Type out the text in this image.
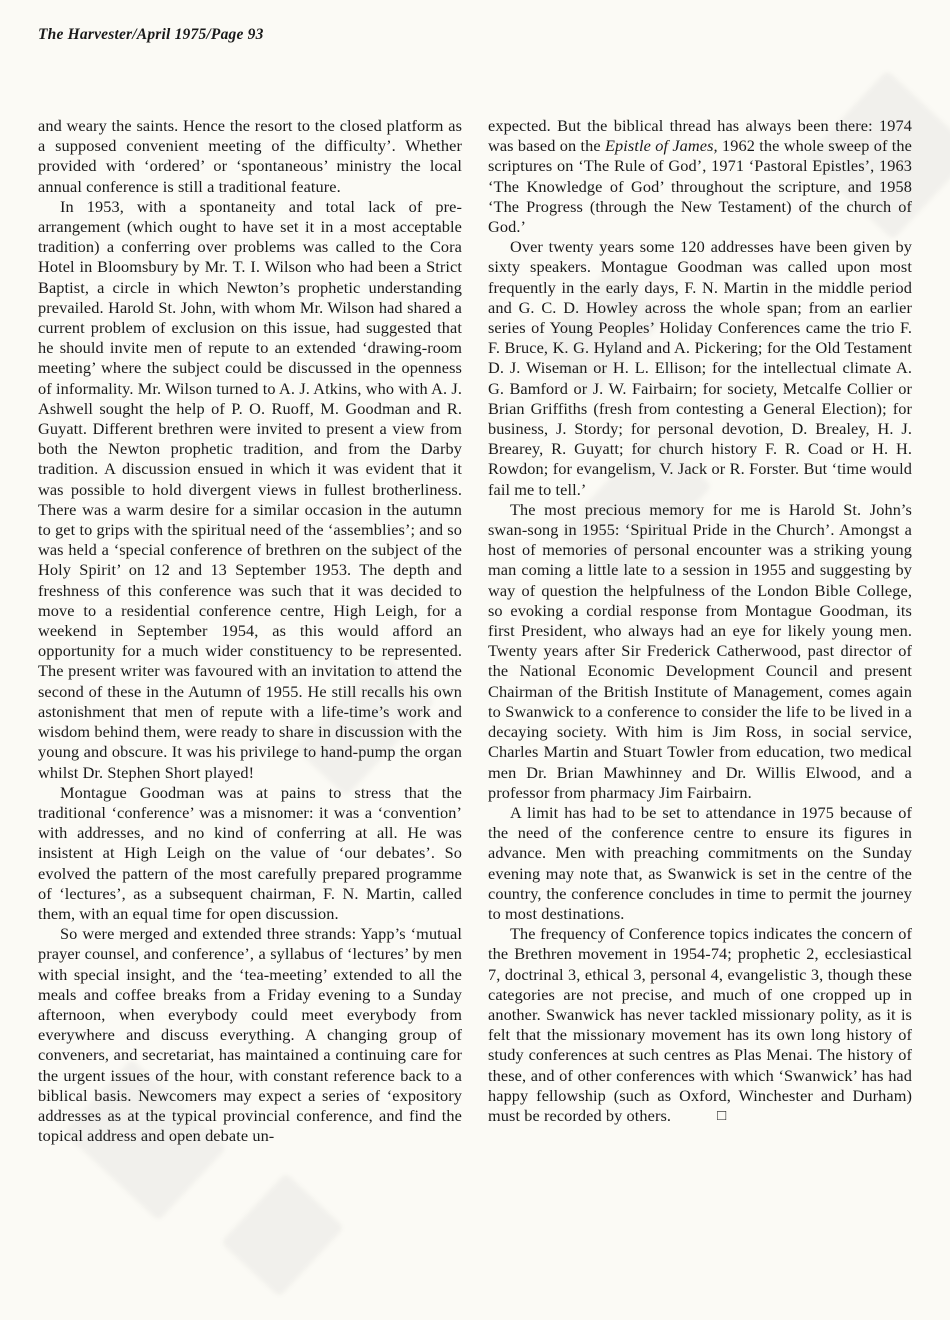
The Harvester/April 1975/Page 93

and weary the saints. Hence the resort to the closed platform as a supposed convenient meeting of the difficulty’. Whether provided with ‘ordered’ or ‘spontaneous’ ministry the local annual conference is still a traditional feature.

In 1953, with a spontaneity and total lack of pre-arrangement (which ought to have set it in a most acceptable tradition) a conferring over problems was called to the Cora Hotel in Bloomsbury by Mr. T. I. Wilson who had been a Strict Baptist, a circle in which Newton’s prophetic understanding prevailed. Harold St. John, with whom Mr. Wilson had shared a current problem of exclusion on this issue, had suggested that he should invite men of repute to an extended ‘drawing-room meeting’ where the subject could be discussed in the openness of informality. Mr. Wilson turned to A. J. Atkins, who with A. J. Ashwell sought the help of P. O. Ruoff, M. Goodman and R. Guyatt. Different brethren were invited to present a view from both the Newton prophetic tradition, and from the Darby tradition. A discussion ensued in which it was evident that it was possible to hold divergent views in fullest brotherliness. There was a warm desire for a similar occasion in the autumn to get to grips with the spiritual need of the ‘assemblies’; and so was held a ‘special conference of brethren on the subject of the Holy Spirit’ on 12 and 13 September 1953. The depth and freshness of this conference was such that it was decided to move to a residential conference centre, High Leigh, for a weekend in September 1954, as this would afford an opportunity for a much wider constituency to be represented. The present writer was favoured with an invitation to attend the second of these in the Autumn of 1955. He still recalls his own astonishment that men of repute with a life-time’s work and wisdom behind them, were ready to share in discussion with the young and obscure. It was his privilege to hand-pump the organ whilst Dr. Stephen Short played!

Montague Goodman was at pains to stress that the traditional ‘conference’ was a misnomer: it was a ‘convention’ with addresses, and no kind of conferring at all. He was insistent at High Leigh on the value of ‘our debates’. So evolved the pattern of the most carefully prepared programme of ‘lectures’, as a subsequent chairman, F. N. Martin, called them, with an equal time for open discussion.

So were merged and extended three strands: Yapp’s ‘mutual prayer counsel, and conference’, a syllabus of ‘lectures’ by men with special insight, and the ‘tea-meeting’ extended to all the meals and coffee breaks from a Friday evening to a Sunday afternoon, when everybody could meet everybody from everywhere and discuss everything. A changing group of conveners, and secretariat, has maintained a continuing care for the urgent issues of the hour, with constant reference back to a biblical basis. Newcomers may expect a series of ‘expository addresses as at the typical provincial conference, and find the topical address and open debate un-

expected. But the biblical thread has always been there: 1974 was based on the Epistle of James, 1962 the whole sweep of the scriptures on ‘The Rule of God’, 1971 ‘Pastoral Epistles’, 1963 ‘The Knowledge of God’ throughout the scripture, and 1958 ‘The Progress (through the New Testament) of the church of God.’

Over twenty years some 120 addresses have been given by sixty speakers. Montague Goodman was called upon most frequently in the early days, F. N. Martin in the middle period and G. C. D. Howley across the whole span; from an earlier series of Young Peoples’ Holiday Conferences came the trio F. F. Bruce, K. G. Hyland and A. Pickering; for the Old Testament D. J. Wiseman or H. L. Ellison; for the intellectual climate A. G. Bamford or J. W. Fairbairn; for society, Metcalfe Collier or Brian Griffiths (fresh from contesting a General Election); for business, J. Stordy; for personal devotion, D. Brealey, H. J. Brearey, R. Guyatt; for church history F. R. Coad or H. H. Rowdon; for evangelism, V. Jack or R. Forster. But ‘time would fail me to tell.’

The most precious memory for me is Harold St. John’s swan-song in 1955: ‘Spiritual Pride in the Church’. Amongst a host of memories of personal encounter was a striking young man coming a little late to a session in 1955 and suggesting by way of question the helpfulness of the London Bible College, so evoking a cordial response from Montague Goodman, its first President, who always had an eye for likely young men. Twenty years after Sir Frederick Catherwood, past director of the National Economic Development Council and present Chairman of the British Institute of Management, comes again to Swanwick to a conference to consider the life to be lived in a decaying society. With him is Jim Ross, in social service, Charles Martin and Stuart Towler from education, two medical men Dr. Brian Mawhinney and Dr. Willis Elwood, and a professor from pharmacy Jim Fairbairn.

A limit has had to be set to attendance in 1975 because of the need of the conference centre to ensure its figures in advance. Men with preaching commitments on the Sunday evening may note that, as Swanwick is set in the centre of the country, the conference concludes in time to permit the journey to most destinations.

The frequency of Conference topics indicates the concern of the Brethren movement in 1954-74; prophetic 2, ecclesiastical 7, doctrinal 3, ethical 3, personal 4, evangelistic 3, though these categories are not precise, and much of one cropped up in another. Swanwick has never tackled missionary polity, as it is felt that the missionary movement has its own long history of study conferences at such centres as Plas Menai. The history of these, and of other conferences with which ‘Swanwick’ has had happy fellowship (such as Oxford, Winchester and Durham) must be recorded by others.	□
